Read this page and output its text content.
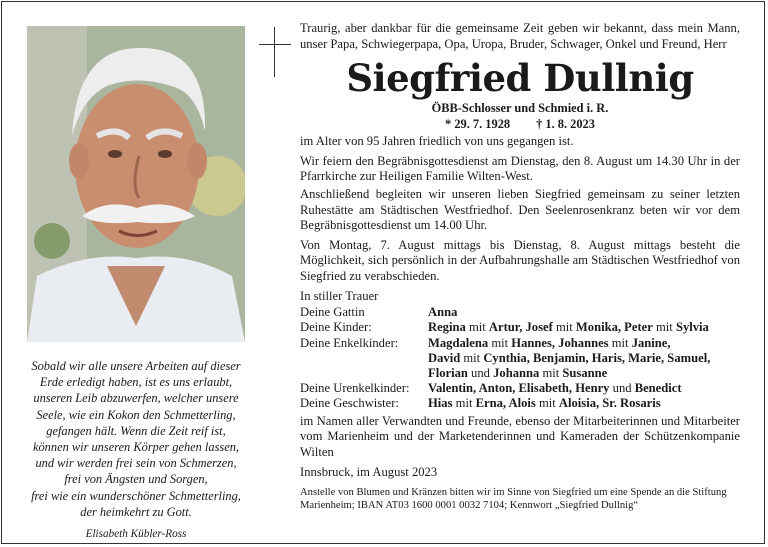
Sobald wir alle unsere Arbeiten auf dieser
Erde erledigt haben, ist es uns erlaubt,
unseren Leib abzuwerfen, welcher unsere
Seele, wie ein Kokon den Schmetterling,
gefangen hält. Wenn die Zeit reif ist,
können wir unseren Körper gehen lassen,
und wir werden frei sein von Schmerzen,
frei von Ängsten und Sorgen,
frei wie ein wunderschöner Schmetterling,
der heimkehrt zu Gott.
Elisabeth Kübler-Ross
Traurig, aber dankbar für die gemeinsame Zeit geben wir bekannt, dass mein Mann, unser Papa, Schwiegerpapa, Opa, Uropa, Bruder, Schwager, Onkel und Freund, Herr
Siegfried Dullnig
ÖBB-Schlosser und Schmied i. R.
* 29. 7. 1928 † 1. 8. 2023
im Alter von 95 Jahren friedlich von uns gegangen ist.
Wir feiern den Begräbnisgottesdienst am Dienstag, den 8. August um 14.30 Uhr in der Pfarrkirche zur Heiligen Familie Wilten-West.
Anschließend begleiten wir unseren lieben Siegfried gemeinsam zu seiner letzten Ruhestätte am Städtischen Westfriedhof. Den Seelenrosenkranz beten wir vor dem Begräbnisgottesdienst um 14.00 Uhr.
Von Montag, 7. August mittags bis Dienstag, 8. August mittags besteht die Möglichkeit, sich persönlich in der Aufbahrungshalle am Städtischen Westfriedhof von Siegfried zu verabschieden.
In stiller Trauer
Deine Gattin	Anna
Deine Kinder:	Regina mit Artur, Josef mit Monika, Peter mit Sylvia
Deine Enkelkinder:	Magdalena mit Hannes, Johannes mit Janine,
David mit Cynthia, Benjamin, Haris, Marie, Samuel,
Florian und Johanna mit Susanne
Deine Urenkelkinder:	Valentin, Anton, Elisabeth, Henry und Benedict
Deine Geschwister:	Hias mit Erna, Alois mit Aloisia, Sr. Rosaris
im Namen aller Verwandten und Freunde, ebenso der Mitarbeiterinnen und Mitarbeiter vom Marienheim und der Marketenderinnen und Kameraden der Schützenkompanie Wilten
Innsbruck, im August 2023
Anstelle von Blumen und Kränzen bitten wir im Sinne von Siegfried um eine Spende an die Stiftung Marienheim; IBAN AT03 1600 0001 0032 7104; Kennwort „Siegfried Dullnig“
